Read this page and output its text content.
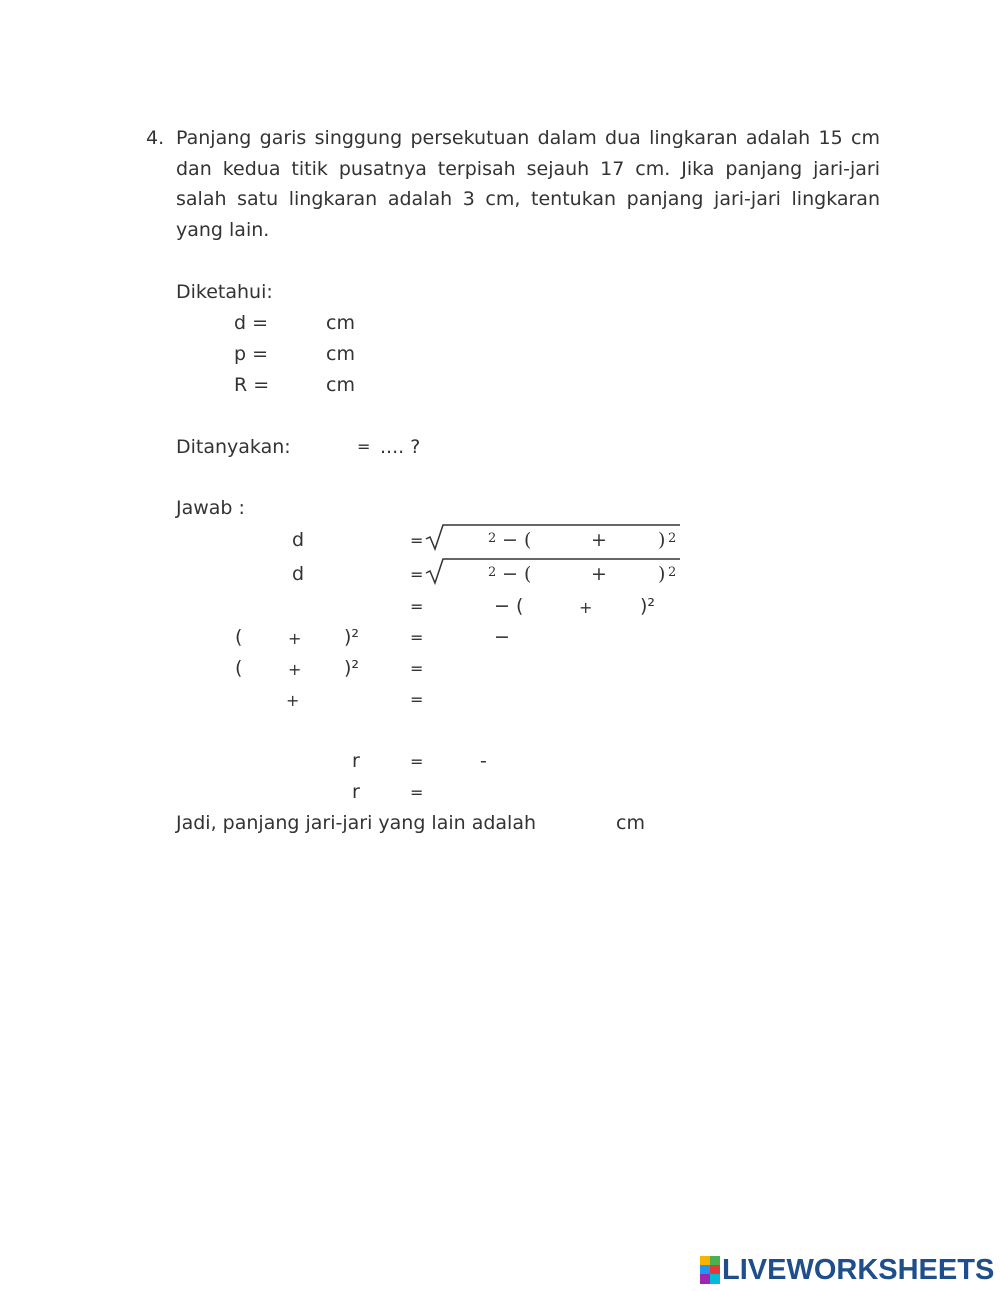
4. Panjang garis singgung persekutuan dalam dua lingkaran adalah 15 cm
dan kedua titik pusatnya terpisah sejauh 17 cm. Jika panjang jari-jari
salah satu lingkaran adalah 3 cm, tentukan panjang jari-jari lingkaran
yang lain.
Diketahui:
d =	cm
p =	cm
R =	cm
Ditanyakan:	= .... ?
Jawab :
d	=	2 − (	+	) 2
d	=	2 − (	+	) 2
=	− (	+	)²
(	+ )²	=	−
(	+ )²	=
+	=
r	=	-
r	=
Jadi, panjang jari-jari yang lain adalah	cm
LIVEWORKSHEETS
